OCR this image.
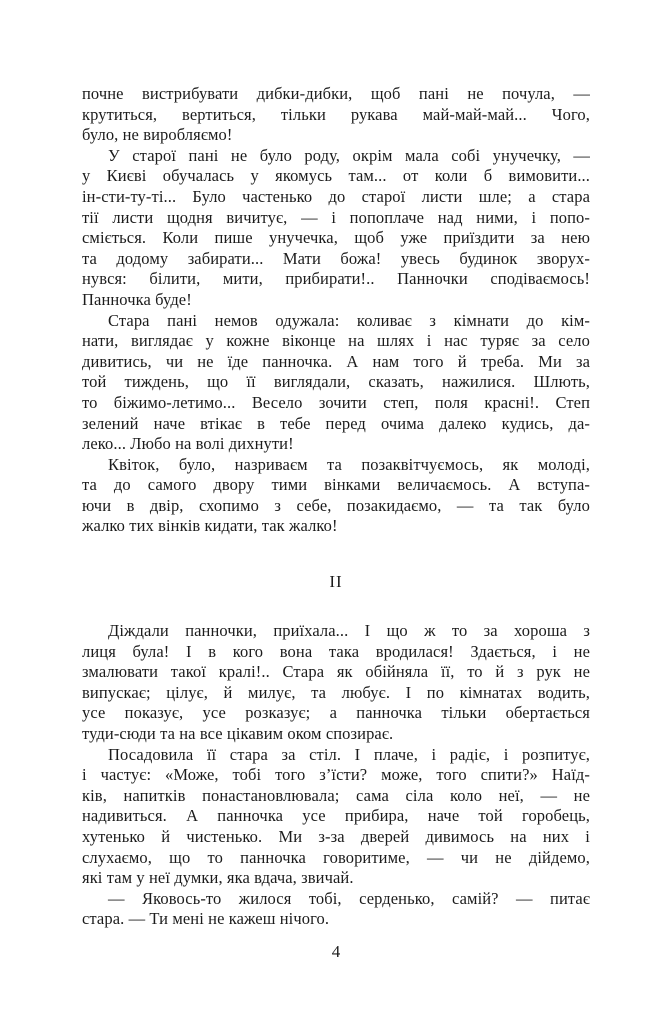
почне вистрибувати дибки-дибки, щоб пані не почула, —
крутиться, вертиться, тільки рукава май-май-май... Чого,
було, не виробляємо!

У старої пані не було роду, окрім мала собі унучечку, —
у Києві обучалась у якомусь там... от коли б вимовити...
ін-сти-ту-ті... Було частенько до старої листи шле; а стара
тії листи щодня вичитує, — і попоплаче над ними, і попо-
сміється. Коли пише унучечка, щоб уже приїздити за нею
та додому забирати... Мати божа! увесь будинок зворух-
нувся: білити, мити, прибирати!.. Панночки сподіваємось!
Панночка буде!

Стара пані немов одужала: коливає з кімнати до кім-
нати, виглядає у кожне віконце на шлях і нас туряє за село
дивитись, чи не їде панночка. А нам того й треба. Ми за
той тиждень, що її виглядали, сказать, нажилися. Шлють,
то біжимо-летимо... Весело зочити степ, поля красні!. Степ
зелений наче втікає в тебе перед очима далеко кудись, да-
леко... Любо на волі дихнути!

Квіток, було, назриваєм та позаквітчуємось, як молоді,
та до самого двору тими вінками величаємось. А вступа-
ючи в двір, схопимо з себе, позакидаємо, — та так було
жалко тих вінків кидати, так жалко!

II

Діждали панночки, приїхала... І що ж то за хороша з
лиця була! І в кого вона така вродилася! Здається, і не
змалювати такої кралі!.. Стара як обійняла її, то й з рук не
випускає; цілує, й милує, та любує. І по кімнатах водить,
усе показує, усе розказує; а панночка тільки обертається
туди-сюди та на все цікавим оком спозирає.

Посадовила її стара за стіл. І плаче, і радіє, і розпитує,
і частує: «Може, тобі того з’їсти? може, того спити?» Наїд-
ків, напитків понастановлювала; сама сіла коло неї, — не
надивиться. А панночка усе прибира, наче той горобець,
хутенько й чистенько. Ми з-за дверей дивимось на них і
слухаємо, що то панночка говоритиме, — чи не дійдемо,
які там у неї думки, яка вдача, звичай.

— Яковось-то жилося тобі, серденько, самій? — питає
стара. — Ти мені не кажеш нічого.

4
